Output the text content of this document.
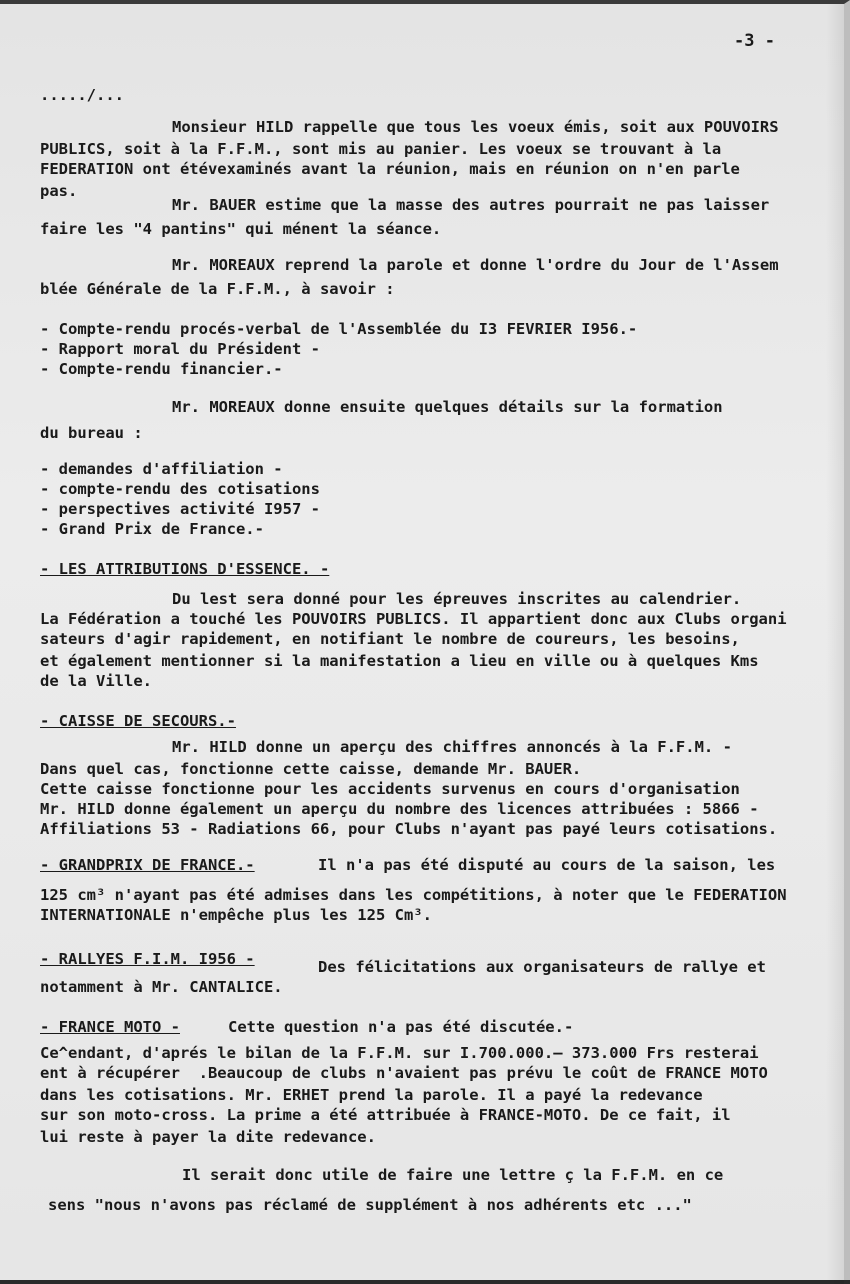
-3 -
...../...
Monsieur HILD rappelle que tous les voeux émis, soit aux POUVOIRS
PUBLICS, soit à la F.F.M., sont mis au panier. Les voeux se trouvant à la
FEDERATION ont étévexaminés avant la réunion, mais en réunion on n'en parle
pas.
Mr. BAUER estime que la masse des autres pourrait ne pas laisser
faire les "4 pantins" qui ménent la séance.
Mr. MOREAUX reprend la parole et donne l'ordre du Jour de l'Assem
blée Générale de la F.F.M., à savoir :
- Compte-rendu procés-verbal de l'Assemblée du I3 FEVRIER I956.-
- Rapport moral du Président -
- Compte-rendu financier.-
Mr. MOREAUX donne ensuite quelques détails sur la formation
du bureau :
- demandes d'affiliation -
- compte-rendu des cotisations
- perspectives activité I957 -
- Grand Prix de France.-
- LES ATTRIBUTIONS D'ESSENCE. -
Du lest sera donné pour les épreuves inscrites au calendrier.
La Fédération a touché les POUVOIRS PUBLICS. Il appartient donc aux Clubs organi
sateurs d'agir rapidement, en notifiant le nombre de coureurs, les besoins,
et également mentionner si la manifestation a lieu en ville ou à quelques Kms
de la Ville.
- CAISSE DE SECOURS.-
Mr. HILD donne un aperçu des chiffres annoncés à la F.F.M. -
Dans quel cas, fonctionne cette caisse, demande Mr. BAUER.
Cette caisse fonctionne pour les accidents survenus en cours d'organisation
Mr. HILD donne également un aperçu du nombre des licences attribuées : 5866 -
Affiliations 53 - Radiations 66, pour Clubs n'ayant pas payé leurs cotisations.
- GRANDPRIX DE FRANCE.-	Il n'a pas été disputé au cours de la saison, les
125 cm³ n'ayant pas été admises dans les compétitions, à noter que le FEDERATION
INTERNATIONALE n'empêche plus les 125 Cm³.
- RALLYES F.I.M. I956 -	Des félicitations aux organisateurs de rallye et
notamment à Mr. CANTALICE.
- FRANCE MOTO -	Cette question n'a pas été discutée.-
Ce^endant, d'aprés le bilan de la F.F.M. sur I.700.000.— 373.000 Frs resterai
ent à récupérer  .Beaucoup de clubs n'avaient pas prévu le coût de FRANCE MOTO
dans les cotisations. Mr. ERHET prend la parole. Il a payé la redevance
sur son moto-cross. La prime a été attribuée à FRANCE-MOTO. De ce fait, il
lui reste à payer la dite redevance.
Il serait donc utile de faire une lettre ç la F.F.M. en ce
sens "nous n'avons pas réclamé de supplément à nos adhérents etc ..."
